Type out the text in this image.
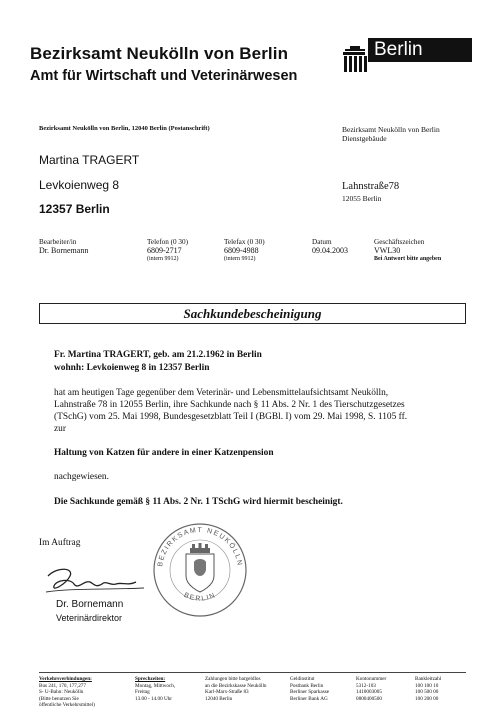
Bezirksamt Neukölln von Berlin
Amt für Wirtschaft und Veterinärwesen
Berlin
Bezirksamt Neukölln von Berlin, 12040 Berlin (Postanschrift)	Bezirksamt Neukölln von Berlin
Dienstgebäude
Martina TRAGERT
Levkoienweg 8
12357 Berlin
Lahnstraße78
12055 Berlin
Bearbeiter/in
Dr. Bornemann
Telefon (0 30)
6809-2717
(intern 9912)
Telefax (0 30)
6809-4988
(intern 9912)
Datum
09.04.2003
Geschäftszeichen
VWL30
Bei Antwort bitte angeben
Sachkundebescheinigung
Fr. Martina TRAGERT, geb. am 21.2.1962 in Berlin
wohnh: Levkoienweg 8 in 12357 Berlin
hat am heutigen Tage gegenüber dem Veterinär- und Lebensmittelaufsichtsamt Neukölln,
Lahnstraße 78 in 12055 Berlin, ihre Sachkunde nach § 11 Abs. 2 Nr. 1 des Tierschutzgesetzes
(TSchG) vom 25. Mai 1998, Bundesgesetzblatt Teil I (BGBl. I) vom 29. Mai 1998, S. 1105 ff.
zur
Haltung von Katzen für andere in einer Katzenpension
nachgewiesen.
Die Sachkunde gemäß § 11 Abs. 2 Nr. 1 TSchG wird hiermit bescheinigt.
Im Auftrag
Dr. Bornemann
Veterinärdirektor
BEZIRKSAMT NEUKÖLLN
BERLIN
Verkehrsverbindungen:
Bus 241, 170, 177,277
S- U-Bahn: Neukölln
(Bitte benutzen Sie
öffentliche Verkehrsmittel)
Sprechzeiten:
Montag, Mittwoch,
Freitag
13.00 - 14.00 Uhr
Zahlungen bitte bargeldlos
an die Bezirkskasse Neukölln
Karl-Marx-Straße 83
12040 Berlin
Geldinstitut
Postbank Berlin
Berliner Sparkasse
Berliner Bank AG
Kontonummer
5312-103
1410003005
0800400500
Bankleitzahl
100 100 10
100 500 00
100 200 00
